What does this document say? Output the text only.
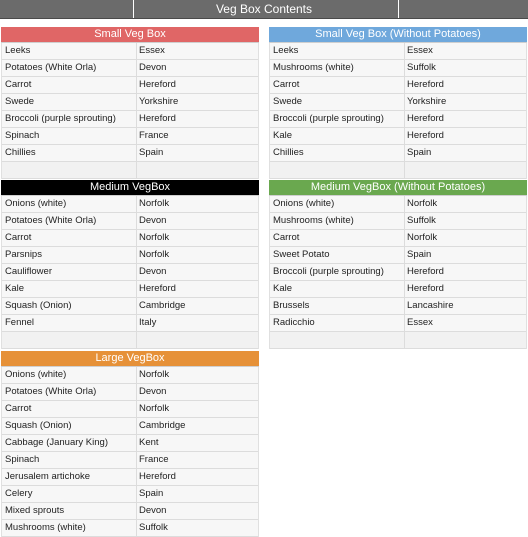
Veg Box Contents
Small Veg Box
Leeks	Essex
Potatoes (White Orla)	Devon
Carrot	Hereford
Swede	Yorkshire
Broccoli (purple sprouting)	Hereford
Spinach	France
Chillies	Spain
Small Veg Box (Without Potatoes)
Leeks	Essex
Mushrooms (white)	Suffolk
Carrot	Hereford
Swede	Yorkshire
Broccoli (purple sprouting)	Hereford
Kale	Hereford
Chillies	Spain
Medium VegBox
Onions (white)	Norfolk
Potatoes (White Orla)	Devon
Carrot	Norfolk
Parsnips	Norfolk
Cauliflower	Devon
Kale	Hereford
Squash (Onion)	Cambridge
Fennel	Italy
Medium VegBox (Without Potatoes)
Onions (white)	Norfolk
Mushrooms (white)	Suffolk
Carrot	Norfolk
Sweet Potato	Spain
Broccoli (purple sprouting)	Hereford
Kale	Hereford
Brussels	Lancashire
Radicchio	Essex
Large VegBox
Onions (white)	Norfolk
Potatoes (White Orla)	Devon
Carrot	Norfolk
Squash (Onion)	Cambridge
Cabbage (January King)	Kent
Spinach	France
Jerusalem artichoke	Hereford
Celery	Spain
Mixed sprouts	Devon
Mushrooms (white)	Suffolk
